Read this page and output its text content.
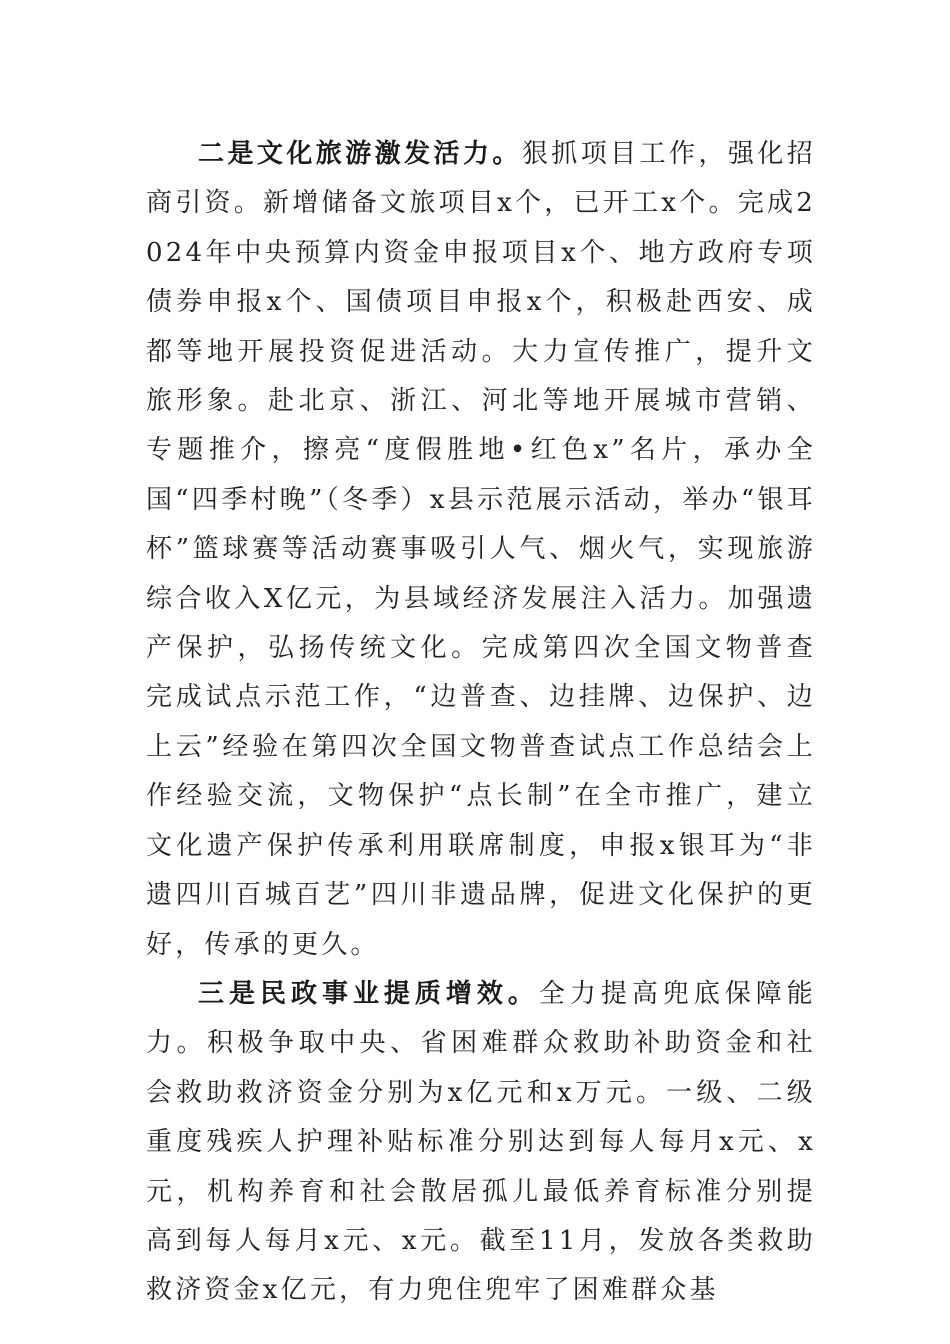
二是文化旅游激发活力。狠抓项目工作，强化招商引资。新增储备文旅项目x个，已开工x个。完成2024年中央预算内资金申报项目x个、地方政府专项债券申报x个、国债项目申报x个，积极赴西安、成都等地开展投资促进活动。大力宣传推广，提升文旅形象。赴北京、浙江、河北等地开展城市营销、专题推介，擦亮“度假胜地•红色x”名片，承办全国“四季村晚”（冬季）x县示范展示活动，举办“银耳杯”篮球赛等活动赛事吸引人气、烟火气，实现旅游综合收入X亿元，为县域经济发展注入活力。加强遗产保护，弘扬传统文化。完成第四次全国文物普查完成试点示范工作，“边普查、边挂牌、边保护、边上云”经验在第四次全国文物普查试点工作总结会上作经验交流，文物保护“点长制”在全市推广，建立文化遗产保护传承利用联席制度，申报x银耳为“非遗四川百城百艺”四川非遗品牌，促进文化保护的更好，传承的更久。

三是民政事业提质增效。全力提高兜底保障能力。积极争取中央、省困难群众救助补助资金和社会救助救济资金分别为x亿元和x万元。一级、二级重度残疾人护理补贴标准分别达到每人每月x元、x元，机构养育和社会散居孤儿最低养育标准分别提高到每人每月x元、x元。截至11月，发放各类救助救济资金x亿元，有力兜住兜牢了困难群众基
